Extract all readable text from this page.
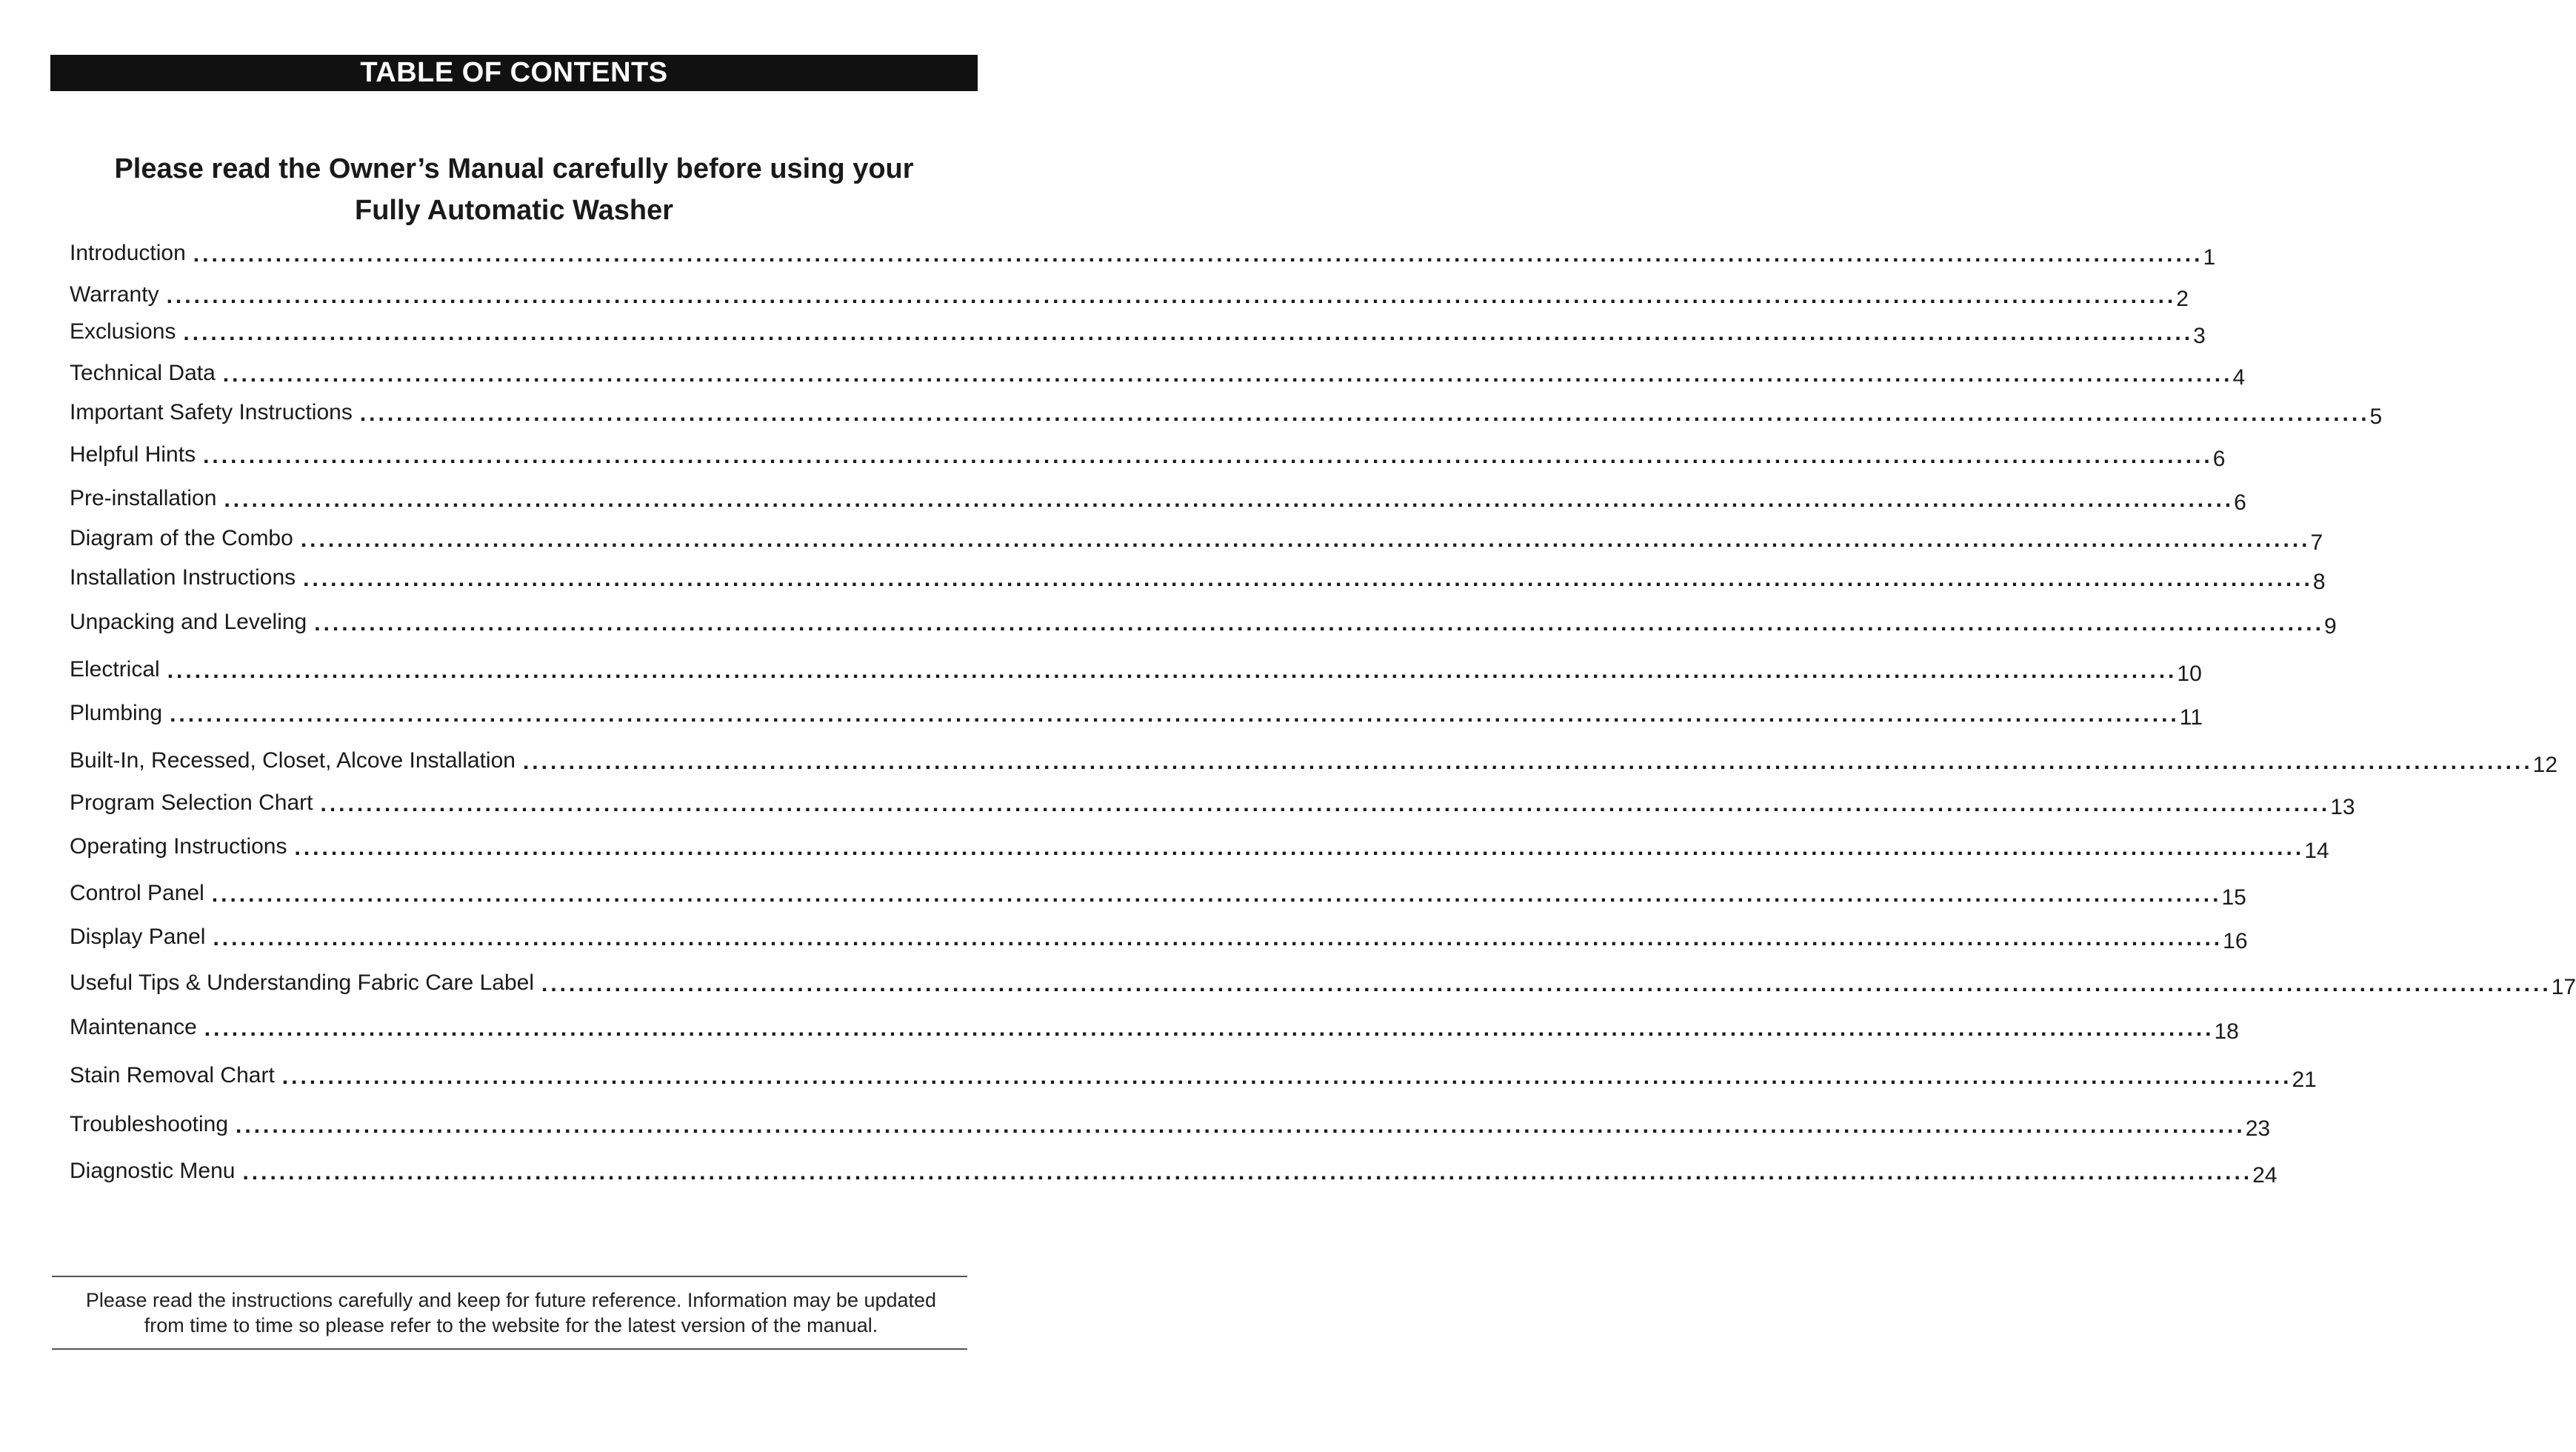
TABLE OF CONTENTS
Please read the Owner’s Manual carefully before using your
Fully Automatic Washer
Introduction ............................................................................................................................................................................................................................ 1
Warranty ............................................................................................................................................................................................................................ 2
Exclusions ............................................................................................................................................................................................................................ 3
Technical Data ............................................................................................................................................................................................................................ 4
Important Safety Instructions ............................................................................................................................................................................................................................ 5
Helpful Hints ............................................................................................................................................................................................................................ 6
Pre-installation ............................................................................................................................................................................................................................ 6
Diagram of the Combo ............................................................................................................................................................................................................................ 7
Installation Instructions ............................................................................................................................................................................................................................ 8
Unpacking and Leveling ............................................................................................................................................................................................................................ 9
Electrical ............................................................................................................................................................................................................................ 10
Plumbing ............................................................................................................................................................................................................................ 11
Built-In, Recessed, Closet, Alcove Installation ............................................................................................................................................................................................................................ 12
Program Selection Chart ............................................................................................................................................................................................................................ 13
Operating Instructions ............................................................................................................................................................................................................................ 14
Control Panel ............................................................................................................................................................................................................................ 15
Display Panel ............................................................................................................................................................................................................................ 16
Useful Tips & Understanding Fabric Care Label ............................................................................................................................................................................................................................ 17
Maintenance ............................................................................................................................................................................................................................ 18
Stain Removal Chart ............................................................................................................................................................................................................................ 21
Troubleshooting ............................................................................................................................................................................................................................ 23
Diagnostic Menu ............................................................................................................................................................................................................................ 24
Please read the instructions carefully and keep for future reference. Information may be updated
from time to time so please refer to the website for the latest version of the manual.
